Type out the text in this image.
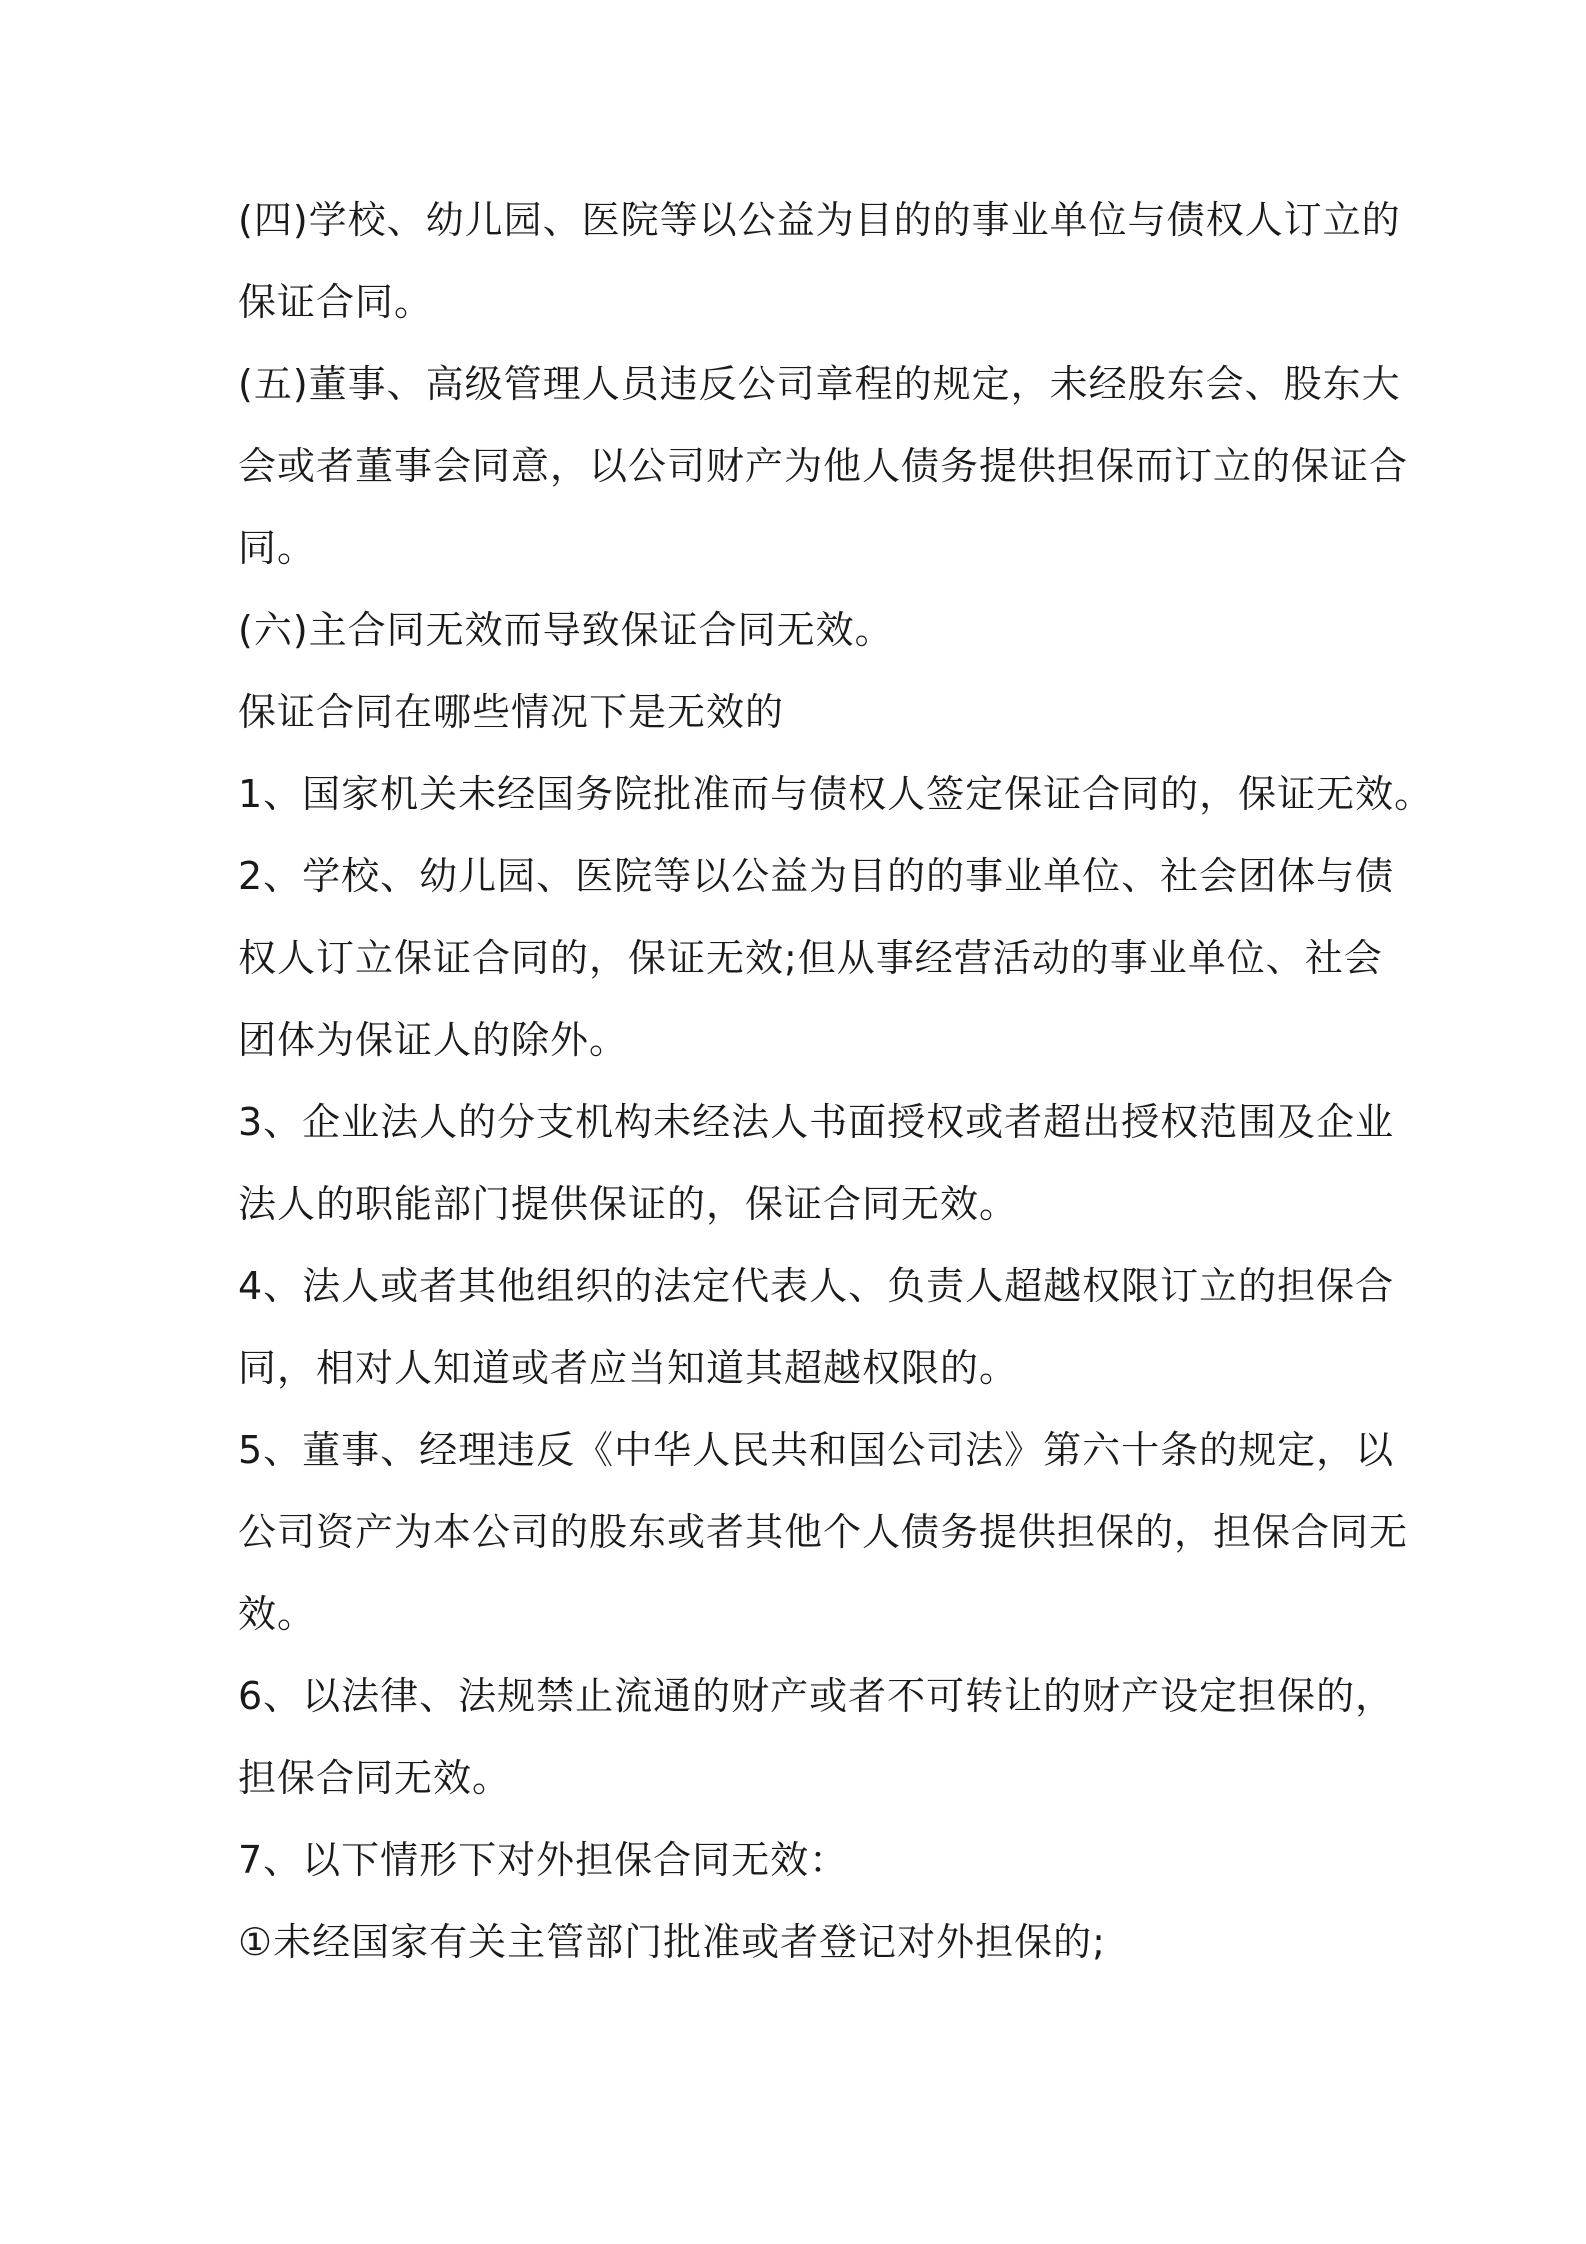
(四)学校、幼儿园、医院等以公益为目的的事业单位与债权人订立的
保证合同。
(五)董事、高级管理人员违反公司章程的规定，未经股东会、股东大
会或者董事会同意，以公司财产为他人债务提供担保而订立的保证合
同。
(六)主合同无效而导致保证合同无效。
保证合同在哪些情况下是无效的
1、国家机关未经国务院批准而与债权人签定保证合同的，保证无效。
2、学校、幼儿园、医院等以公益为目的的事业单位、社会团体与债
权人订立保证合同的，保证无效;但从事经营活动的事业单位、社会
团体为保证人的除外。
3、企业法人的分支机构未经法人书面授权或者超出授权范围及企业
法人的职能部门提供保证的，保证合同无效。
4、法人或者其他组织的法定代表人、负责人超越权限订立的担保合
同，相对人知道或者应当知道其超越权限的。
5、董事、经理违反《中华人民共和国公司法》第六十条的规定，以
公司资产为本公司的股东或者其他个人债务提供担保的，担保合同无
效。
6、以法律、法规禁止流通的财产或者不可转让的财产设定担保的，
担保合同无效。
7、以下情形下对外担保合同无效：
①未经国家有关主管部门批准或者登记对外担保的;
